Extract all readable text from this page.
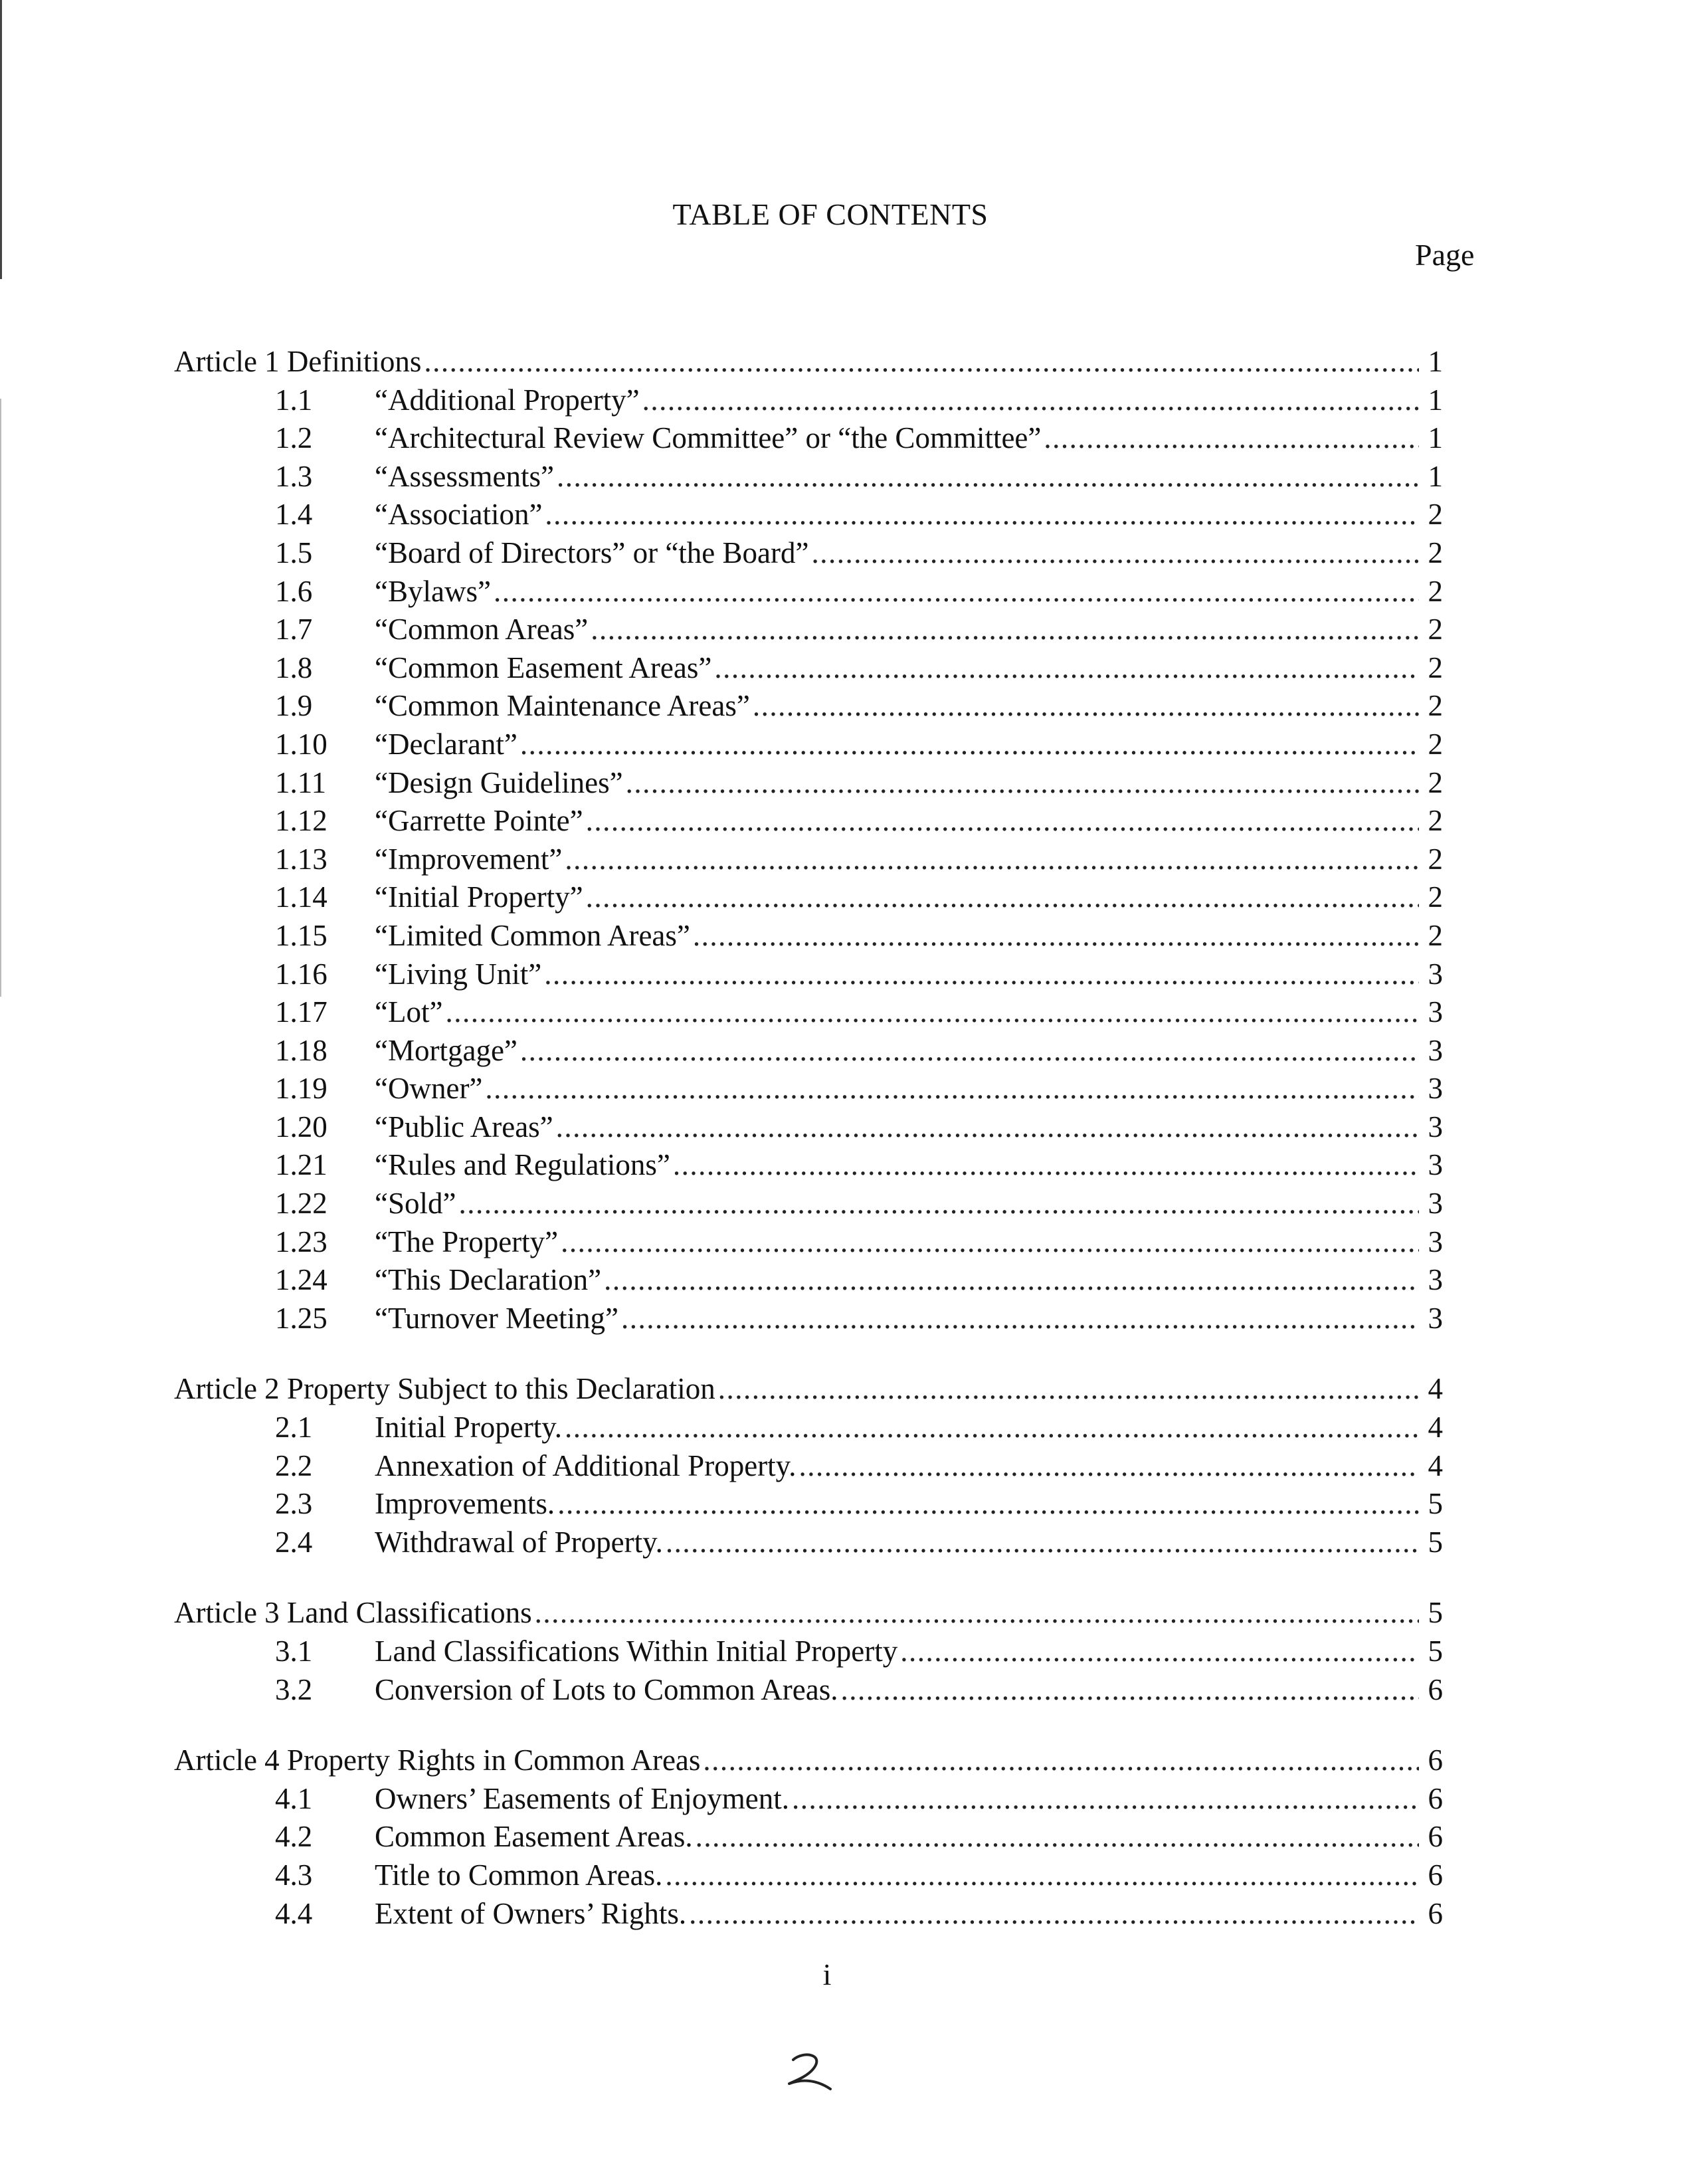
TABLE OF CONTENTS
Page
Article 1 Definitions .....	1
1.1	“Additional Property” .....	1
1.2	“Architectural Review Committee” or “the Committee” .....	1
1.3	“Assessments” .....	1
1.4	“Association” .....	2
1.5	“Board of Directors” or “the Board” .....	2
1.6	“Bylaws” .....	2
1.7	“Common Areas” .....	2
1.8	“Common Easement Areas” .....	2
1.9	“Common Maintenance Areas” .....	2
1.10	“Declarant” .....	2
1.11	“Design Guidelines” .....	2
1.12	“Garrette Pointe” .....	2
1.13	“Improvement” .....	2
1.14	“Initial Property” .....	2
1.15	“Limited Common Areas” .....	2
1.16	“Living Unit” .....	3
1.17	“Lot” .....	3
1.18	“Mortgage” .....	3
1.19	“Owner” .....	3
1.20	“Public Areas” .....	3
1.21	“Rules and Regulations” .....	3
1.22	“Sold” .....	3
1.23	“The Property” .....	3
1.24	“This Declaration” .....	3
1.25	“Turnover Meeting” .....	3
Article 2 Property Subject to this Declaration .....	4
2.1	Initial Property. .....	4
2.2	Annexation of Additional Property. .....	4
2.3	Improvements. .....	5
2.4	Withdrawal of Property. .....	5
Article 3 Land Classifications .....	5
3.1	Land Classifications Within Initial Property .....	5
3.2	Conversion of Lots to Common Areas. .....	6
Article 4 Property Rights in Common Areas .....	6
4.1	Owners’ Easements of Enjoyment. .....	6
4.2	Common Easement Areas. .....	6
4.3	Title to Common Areas. .....	6
4.4	Extent of Owners’ Rights. .....	6
i
